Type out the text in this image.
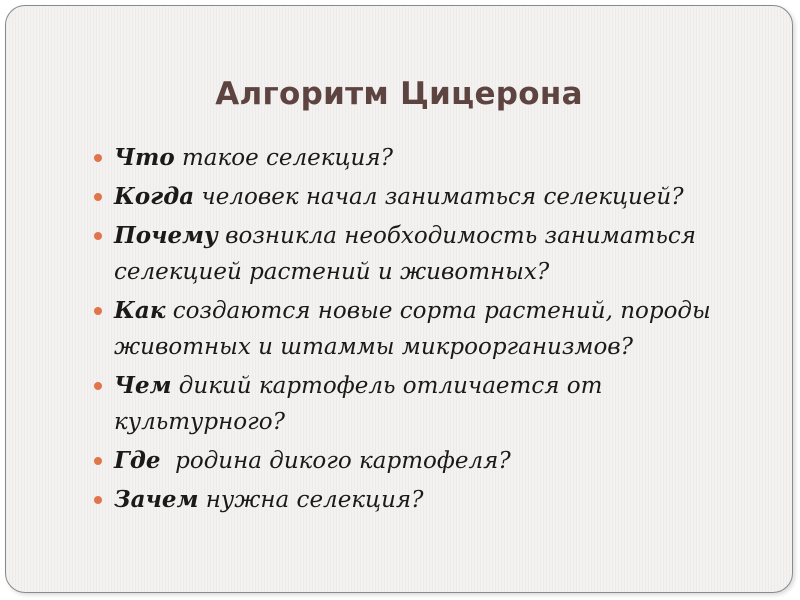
Алгоритм Цицерона
Что такое селекция?
Когда человек начал заниматься селекцией?
Почему возникла необходимость заниматься селекцией растений и животных?
Как создаются новые сорта растений, породы животных и штаммы микроорганизмов?
Чем дикий картофель отличается от культурного?
Где  родина дикого картофеля?
Зачем нужна селекция?
